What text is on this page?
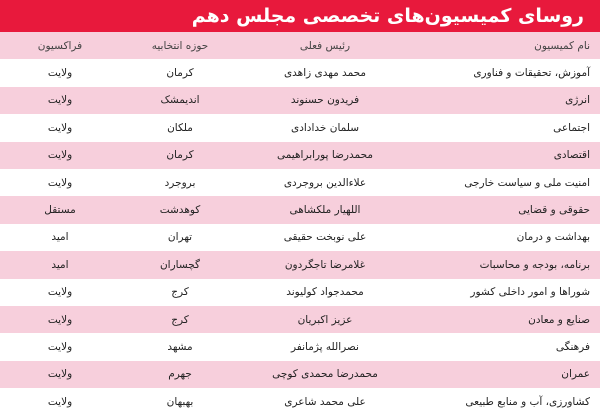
روسای کمیسیون‌های تخصصی مجلس دهم
نام کمیسیون	رئیس فعلی	حوزه انتخابیه	فراکسیون
آموزش، تحقیقات و فناوری	محمد مهدی زاهدی	کرمان	ولایت
انرژی	فریدون حسنوند	اندیمشک	ولایت
اجتماعی	سلمان خدادادی	ملکان	ولایت
اقتصادی	محمدرضا پورابراهیمی	کرمان	ولایت
امنیت ملی و سیاست خارجی	علاءالدین بروجردی	بروجرد	ولایت
حقوقی و قضایی	اللهیار ملکشاهی	کوهدشت	مستقل
بهداشت و درمان	علی نوبخت حقیقی	تهران	امید
برنامه، بودجه و محاسبات	غلامرضا تاجگردون	گچساران	امید
شوراها و امور داخلی کشور	محمدجواد کولیوند	کرج	ولایت
صنایع و معادن	عزیز اکبریان	کرج	ولایت
فرهنگی	نصرالله پژمانفر	مشهد	ولایت
عمران	محمدرضا محمدی کوچی	جهرم	ولایت
کشاورزی، آب و منابع طبیعی	علی محمد شاعری	بهبهان	ولایت
